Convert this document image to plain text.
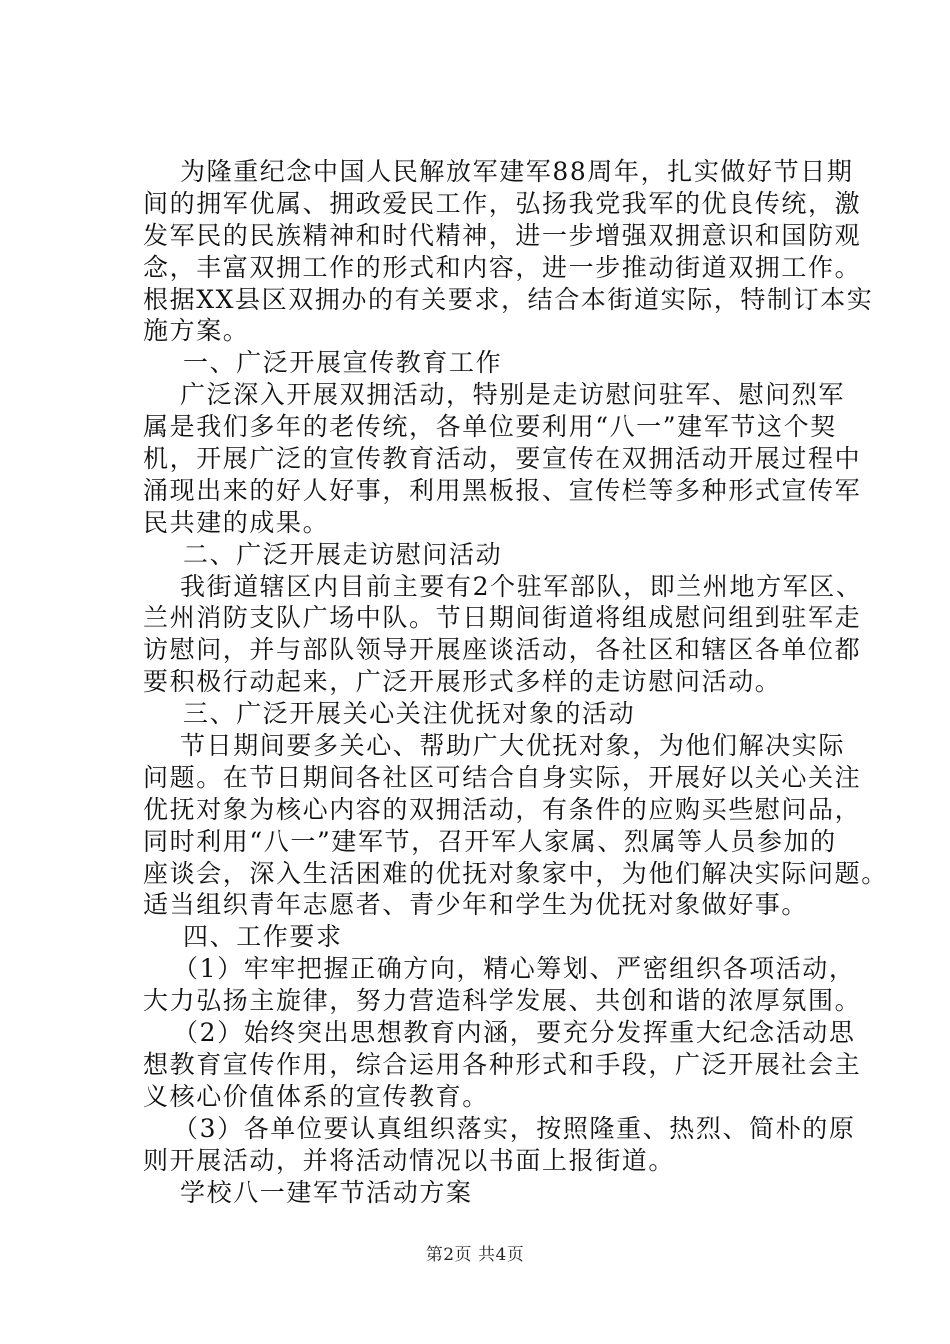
为隆重纪念中国人民解放军建军88周年，扎实做好节日期
间的拥军优属、拥政爱民工作，弘扬我党我军的优良传统，激
发军民的民族精神和时代精神，进一步增强双拥意识和国防观
念，丰富双拥工作的形式和内容，进一步推动街道双拥工作。
根据XX县区双拥办的有关要求，结合本街道实际，特制订本实
施方案。
一、广泛开展宣传教育工作
广泛深入开展双拥活动，特别是走访慰问驻军、慰问烈军
属是我们多年的老传统，各单位要利用“八一”建军节这个契
机，开展广泛的宣传教育活动，要宣传在双拥活动开展过程中
涌现出来的好人好事，利用黑板报、宣传栏等多种形式宣传军
民共建的成果。
二、广泛开展走访慰问活动
我街道辖区内目前主要有2个驻军部队，即兰州地方军区、
兰州消防支队广场中队。节日期间街道将组成慰问组到驻军走
访慰问，并与部队领导开展座谈活动，各社区和辖区各单位都
要积极行动起来，广泛开展形式多样的走访慰问活动。
三、广泛开展关心关注优抚对象的活动
节日期间要多关心、帮助广大优抚对象，为他们解决实际
问题。在节日期间各社区可结合自身实际，开展好以关心关注
优抚对象为核心内容的双拥活动，有条件的应购买些慰问品，
同时利用“八一”建军节，召开军人家属、烈属等人员参加的
座谈会，深入生活困难的优抚对象家中，为他们解决实际问题。
适当组织青年志愿者、青少年和学生为优抚对象做好事。
四、工作要求
（1）牢牢把握正确方向，精心筹划、严密组织各项活动，
大力弘扬主旋律，努力营造科学发展、共创和谐的浓厚氛围。
（2）始终突出思想教育内涵，要充分发挥重大纪念活动思
想教育宣传作用，综合运用各种形式和手段，广泛开展社会主
义核心价值体系的宣传教育。
（3）各单位要认真组织落实，按照隆重、热烈、简朴的原
则开展活动，并将活动情况以书面上报街道。
学校八一建军节活动方案
第2页 共4页
